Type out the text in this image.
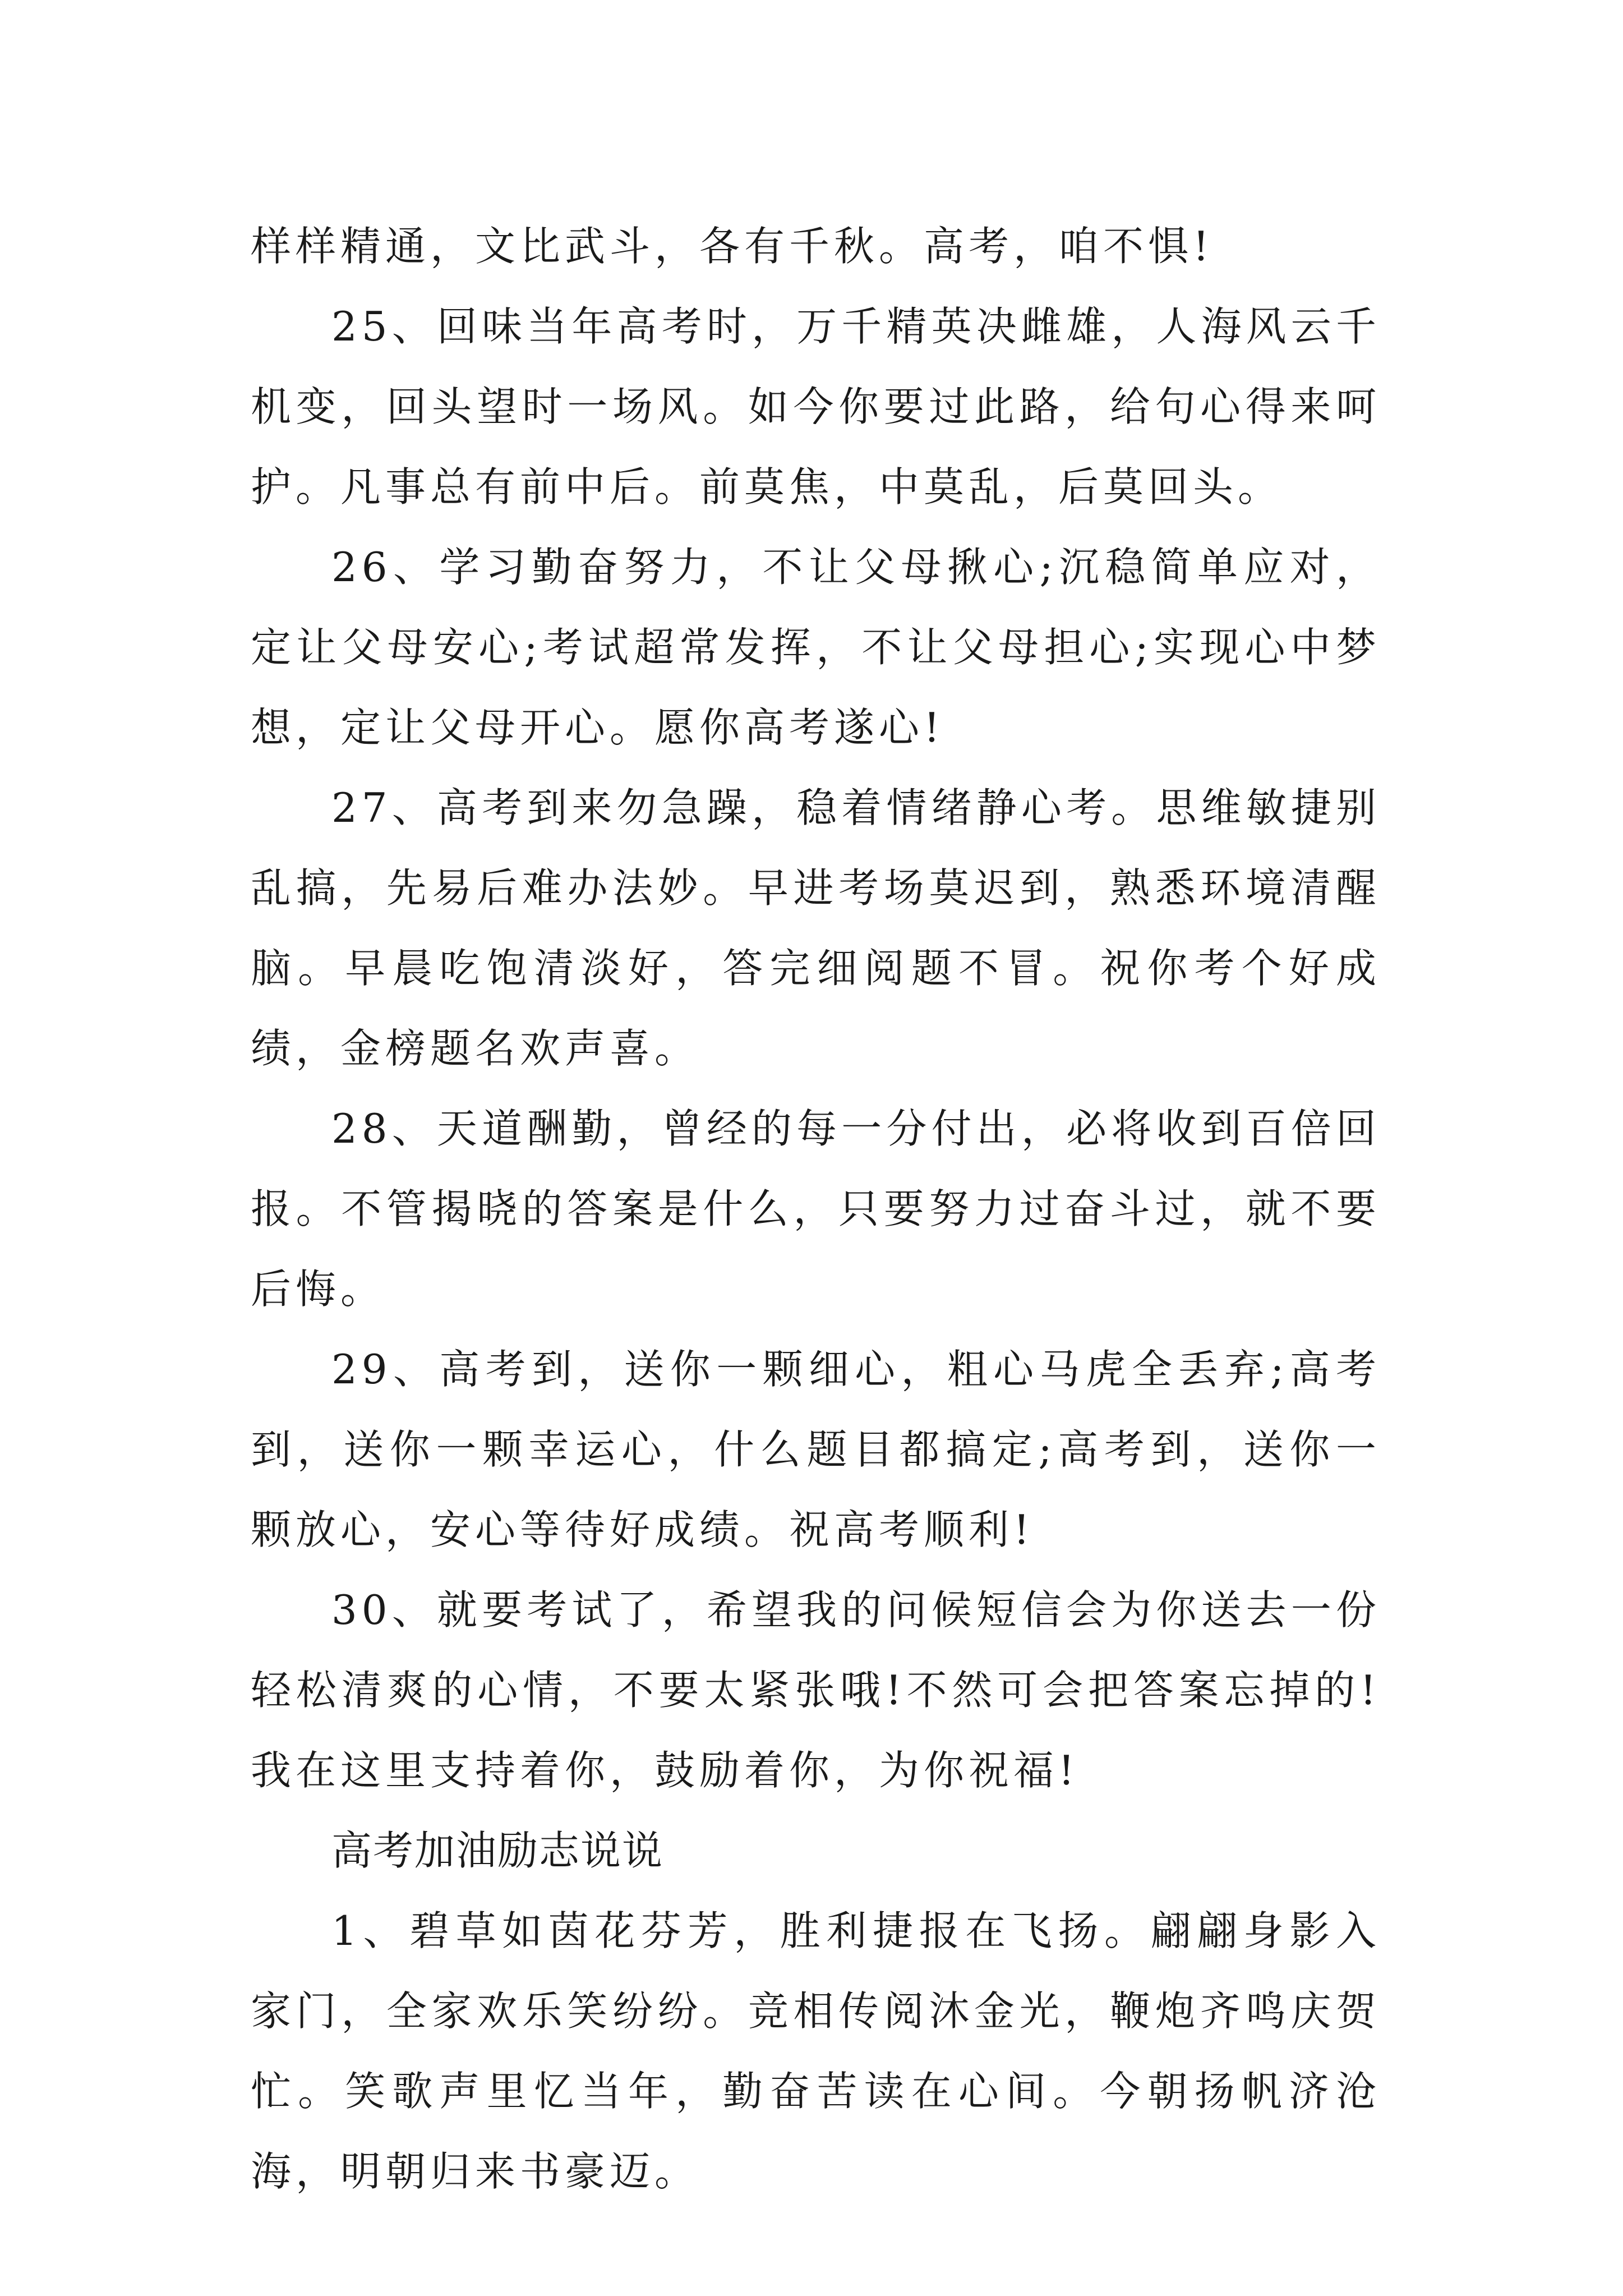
样样精通，文比武斗，各有千秋。高考，咱不惧!

25、回味当年高考时，万千精英决雌雄，人海风云千机变，回头望时一场风。如今你要过此路，给句心得来呵护。凡事总有前中后。前莫焦，中莫乱，后莫回头。

26、学习勤奋努力，不让父母揪心;沉稳简单应对，定让父母安心;考试超常发挥，不让父母担心;实现心中梦想，定让父母开心。愿你高考遂心!

27、高考到来勿急躁，稳着情绪静心考。思维敏捷别乱搞，先易后难办法妙。早进考场莫迟到，熟悉环境清醒脑。早晨吃饱清淡好，答完细阅题不冒。祝你考个好成绩，金榜题名欢声喜。

28、天道酬勤，曾经的每一分付出，必将收到百倍回报。不管揭晓的答案是什么，只要努力过奋斗过，就不要后悔。

29、高考到，送你一颗细心，粗心马虎全丢弃;高考到，送你一颗幸运心，什么题目都搞定;高考到，送你一颗放心，安心等待好成绩。祝高考顺利!

30、就要考试了，希望我的问候短信会为你送去一份轻松清爽的心情，不要太紧张哦!不然可会把答案忘掉的!我在这里支持着你，鼓励着你，为你祝福!

高考加油励志说说

1、碧草如茵花芬芳，胜利捷报在飞扬。翩翩身影入家门，全家欢乐笑纷纷。竞相传阅沐金光，鞭炮齐鸣庆贺忙。笑歌声里忆当年，勤奋苦读在心间。今朝扬帆济沧海，明朝归来书豪迈。
